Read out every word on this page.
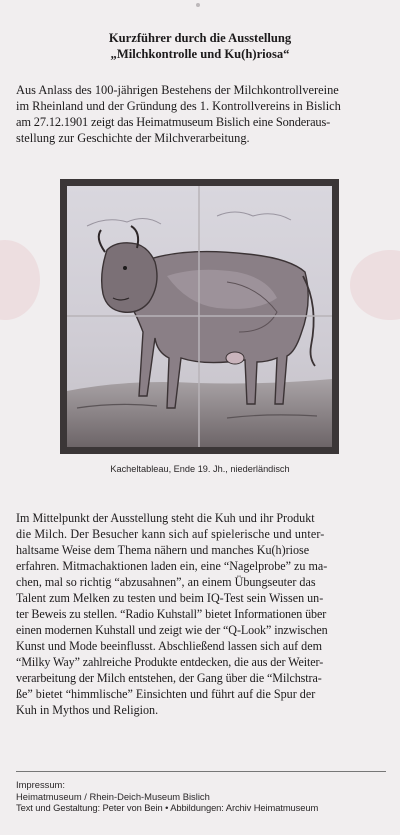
Kurzführer durch die Ausstellung
„Milchkontrolle und Ku(h)riosa“
Aus Anlass des 100-jährigen Bestehens der Milchkontrollvereine
im Rheinland und der Gründung des 1. Kontrollvereins in Bislich
am 27.12.1901 zeigt das Heimatmuseum Bislich eine Sonderaus-
stellung zur Geschichte der Milchverarbeitung.
Kacheltableau, Ende 19. Jh., niederländisch
Im Mittelpunkt der Ausstellung steht die Kuh und ihr Produkt
die Milch. Der Besucher kann sich auf spielerische und unter-
haltsame Weise dem Thema nähern und manches Ku(h)riose
erfahren. Mitmachaktionen laden ein, eine “Nagelprobe” zu ma-
chen, mal so richtig “abzusahnen”, an einem Übungseuter das
Talent zum Melken zu testen und beim IQ-Test sein Wissen un-
ter Beweis zu stellen. “Radio Kuhstall” bietet Informationen über
einen modernen Kuhstall und zeigt wie der “Q-Look” inzwischen
Kunst und Mode beeinflusst. Abschließend lassen sich auf dem
“Milky Way” zahlreiche Produkte entdecken, die aus der Weiter-
verarbeitung der Milch entstehen, der Gang über die “Milchstra-
ße” bietet “himmlische” Einsichten und führt auf die Spur der
Kuh in Mythos und Religion.
Impressum:
Heimatmuseum / Rhein-Deich-Museum Bislich
Text und Gestaltung: Peter von Bein • Abbildungen: Archiv Heimatmuseum
